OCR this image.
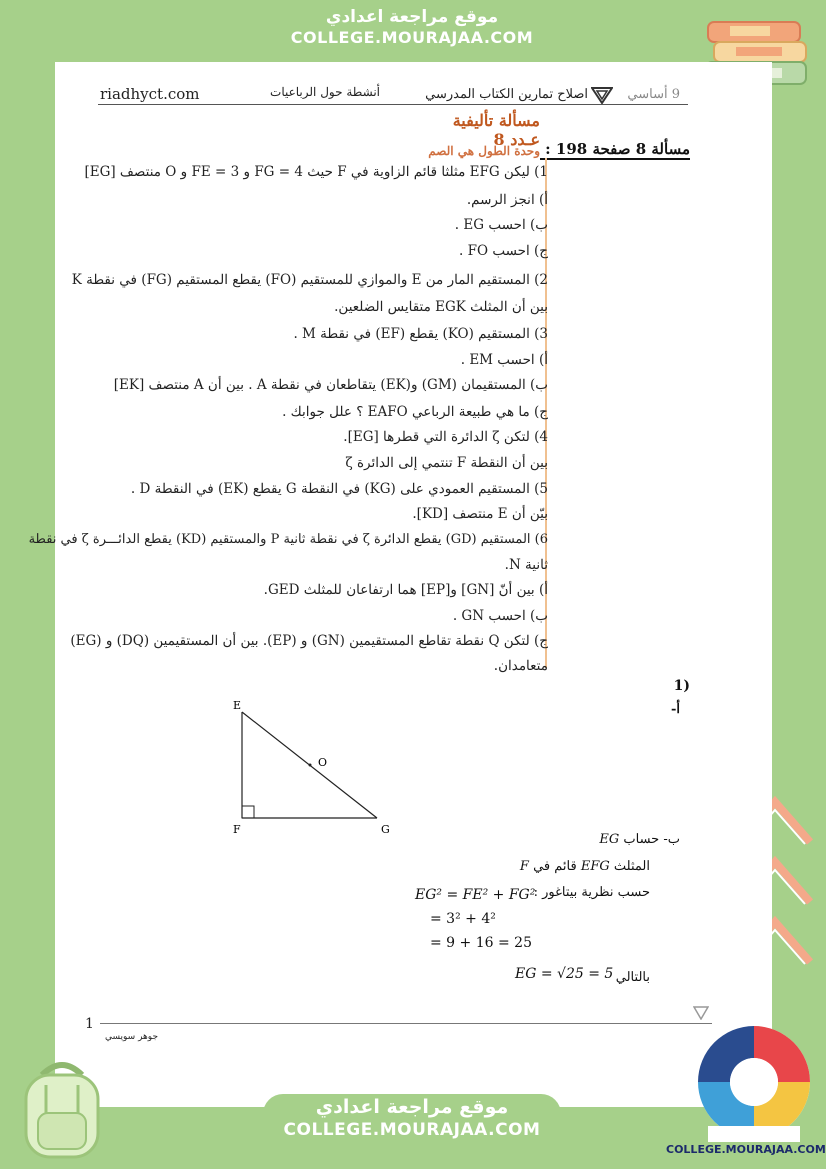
موقع مراجعة اعدادي
COLLEGE.MOURAJAA.COM
9 أساسي
اصلاح تمارين الكتاب المدرسي
أنشطة حول الرباعيات
riadhyct.com
مسألة تأليفية عـدد 8 مسألة 8 صفحة 198 :
وحدة الطول هي الصم
1) ليكن EFG مثلثا قائم الزاوية في F حيث FG = 4 و FE = 3 و O منتصف [EG]
أ) انجز الرسم.
ب) احسب EG .
ج) احسب FO .
2) المستقيم المار من E والموازي للمستقيم (FO) يقطع المستقيم (FG) في نقطة K
بين أن المثلث EGK متقايس الضلعين.
3) المستقيم (KO) يقطع (EF) في نقطة M .
أ) احسب EM .
ب) المستقيمان (GM) و(EK) يتقاطعان في نقطة A . بين أن A منتصف [EK]
ج) ما هي طبيعة الرباعي EAFO ؟ علل جوابك .
4) لتكن ζ الدائرة التي قطرها [EG].
بين أن النقطة F تنتمي إلى الدائرة ζ
5) المستقيم العمودي على (KG) في النقطة G يقطع (EK) في النقطة D .
بيّن أن E منتصف [KD].
6) المستقيم (GD) يقطع الدائرة ζ في نقطة ثانية P والمستقيم (KD) يقطع الدائـــرة ζ في نقطة
ثانية N.
أ) بين أنّ [GN] و[EP] هما ارتفاعان للمثلث GED.
ب) احسب GN .
ج) لتكن Q نقطة تقاطع المستقيمين (GN) و (EP). بين أن المستقيمين (DQ) و (EG)
متعامدان.
(1
أ-
E
F	G
O
ب- حساب EG
المثلث EFG قائم في F
حسب نظرية بيتاغور :
EG² = FE² + FG²
= 3² + 4²
= 9 + 16 = 25
بالتالي
EG = √25 = 5
1
جوهر سويسي
موقع مراجعة اعدادي
COLLEGE.MOURAJAA.COM
COLLEGE.MOURAJAA.COM
